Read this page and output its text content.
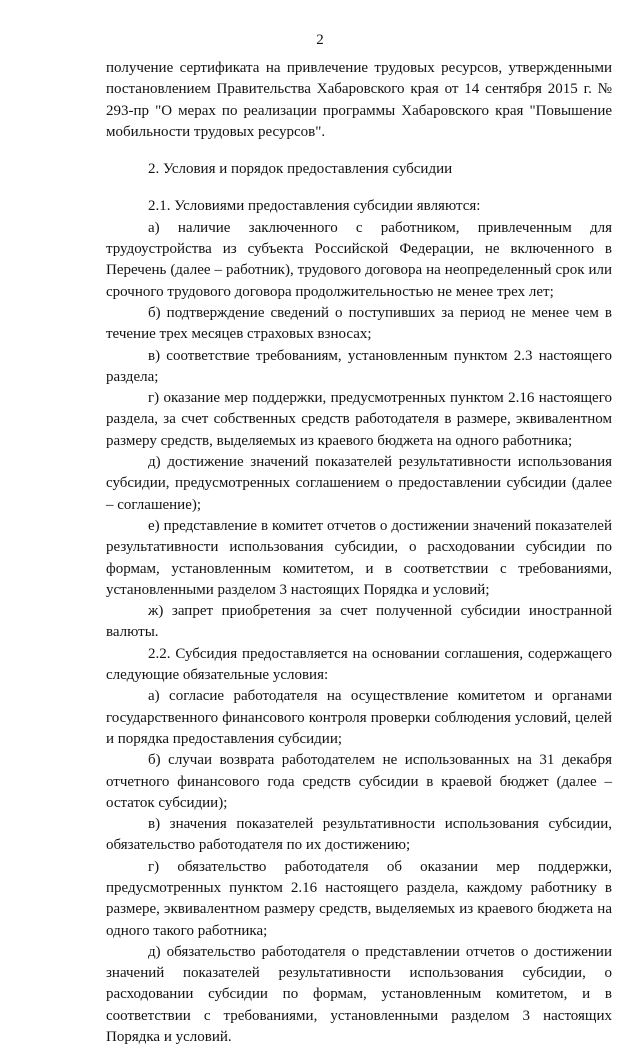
2

получение сертификата на привлечение трудовых ресурсов, утвержденными постановлением Правительства Хабаровского края от 14 сентября 2015 г. № 293-пр "О мерах по реализации программы Хабаровского края "Повышение мобильности трудовых ресурсов".

2. Условия и порядок предоставления субсидии

2.1. Условиями предоставления субсидии являются:

а) наличие заключенного с работником, привлеченным для трудоустройства из субъекта Российской Федерации, не включенного в Перечень (далее – работник), трудового договора на неопределенный срок или срочного трудового договора продолжительностью не менее трех лет;

б) подтверждение сведений о поступивших за период не менее чем в течение трех месяцев страховых взносах;

в) соответствие требованиям, установленным пунктом 2.3 настоящего раздела;

г) оказание мер поддержки, предусмотренных пунктом 2.16 настоящего раздела, за счет собственных средств работодателя в размере, эквивалентном размеру средств, выделяемых из краевого бюджета на одного работника;

д) достижение значений показателей результативности использования субсидии, предусмотренных соглашением о предоставлении субсидии (далее – соглашение);

е) представление в комитет отчетов о достижении значений показателей результативности использования субсидии, о расходовании субсидии по формам, установленным комитетом, и в соответствии с требованиями, установленными разделом 3 настоящих Порядка и условий;

ж) запрет приобретения за счет полученной субсидии иностранной валюты.

2.2. Субсидия предоставляется на основании соглашения, содержащего следующие обязательные условия:

а) согласие работодателя на осуществление комитетом и органами государственного финансового контроля проверки соблюдения условий, целей и порядка предоставления субсидии;

б) случаи возврата работодателем не использованных на 31 декабря отчетного финансового года средств субсидии в краевой бюджет (далее – остаток субсидии);

в) значения показателей результативности использования субсидии, обязательство работодателя по их достижению;

г) обязательство работодателя об оказании мер поддержки, предусмотренных пунктом 2.16 настоящего раздела, каждому работнику в размере, эквивалентном размеру средств, выделяемых из краевого бюджета на одного такого работника;

д) обязательство работодателя о представлении отчетов о достижении значений показателей результативности использования субсидии, о расходовании субсидии по формам, установленным комитетом, и в соответствии с требованиями, установленными разделом 3 настоящих Порядка и условий.
